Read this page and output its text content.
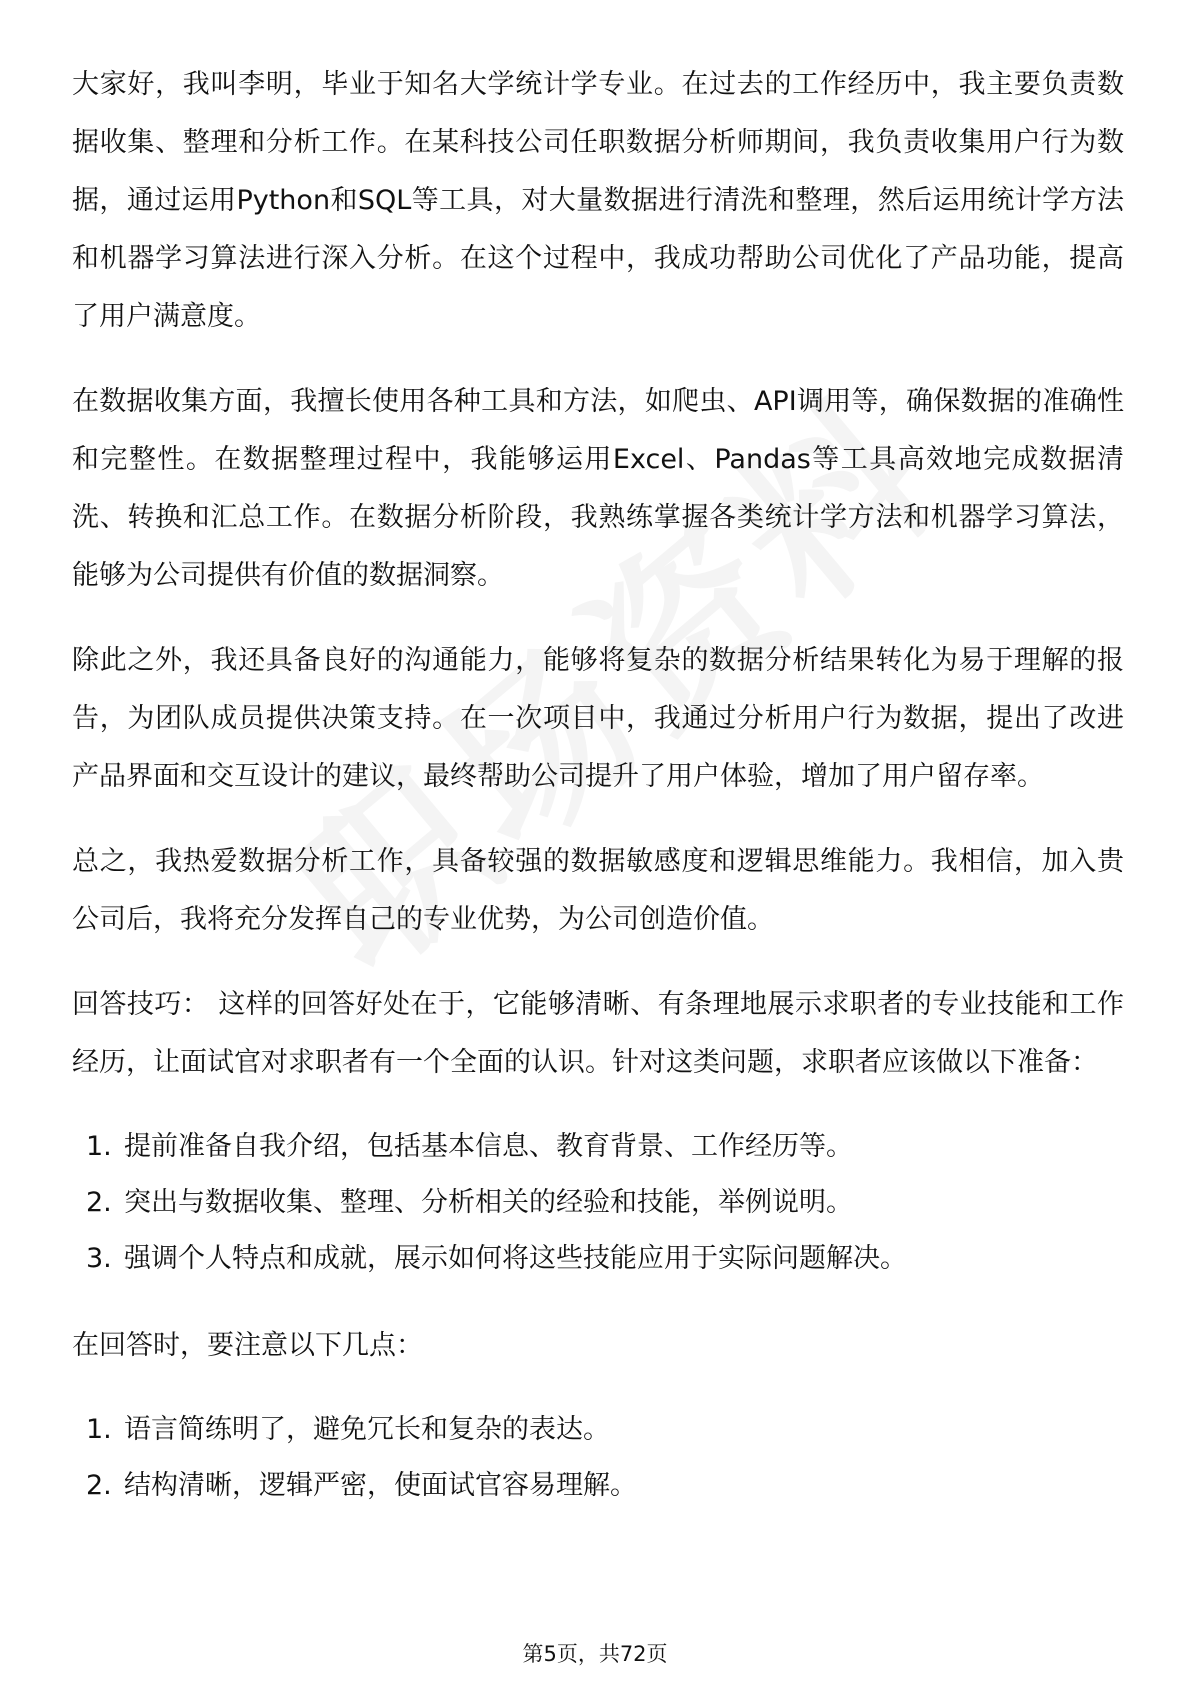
大家好，我叫李明，毕业于知名大学统计学专业。在过去的工作经历中，我主要负责数据收集、整理和分析工作。在某科技公司任职数据分析师期间，我负责收集用户行为数据，通过运用Python和SQL等工具，对大量数据进行清洗和整理，然后运用统计学方法和机器学习算法进行深入分析。在这个过程中，我成功帮助公司优化了产品功能，提高了用户满意度。

在数据收集方面，我擅长使用各种工具和方法，如爬虫、API调用等，确保数据的准确性和完整性。在数据整理过程中，我能够运用Excel、Pandas等工具高效地完成数据清洗、转换和汇总工作。在数据分析阶段，我熟练掌握各类统计学方法和机器学习算法，能够为公司提供有价值的数据洞察。

除此之外，我还具备良好的沟通能力，能够将复杂的数据分析结果转化为易于理解的报告，为团队成员提供决策支持。在一次项目中，我通过分析用户行为数据，提出了改进产品界面和交互设计的建议，最终帮助公司提升了用户体验，增加了用户留存率。

总之，我热爱数据分析工作，具备较强的数据敏感度和逻辑思维能力。我相信，加入贵公司后，我将充分发挥自己的专业优势，为公司创造价值。

回答技巧： 这样的回答好处在于，它能够清晰、有条理地展示求职者的专业技能和工作经历，让面试官对求职者有一个全面的认识。针对这类问题，求职者应该做以下准备：

1. 提前准备自我介绍，包括基本信息、教育背景、工作经历等。
2. 突出与数据收集、整理、分析相关的经验和技能，举例说明。
3. 强调个人特点和成就，展示如何将这些技能应用于实际问题解决。

在回答时，要注意以下几点：

1. 语言简练明了，避免冗长和复杂的表达。
2. 结构清晰，逻辑严密，使面试官容易理解。
第5页，共72页
